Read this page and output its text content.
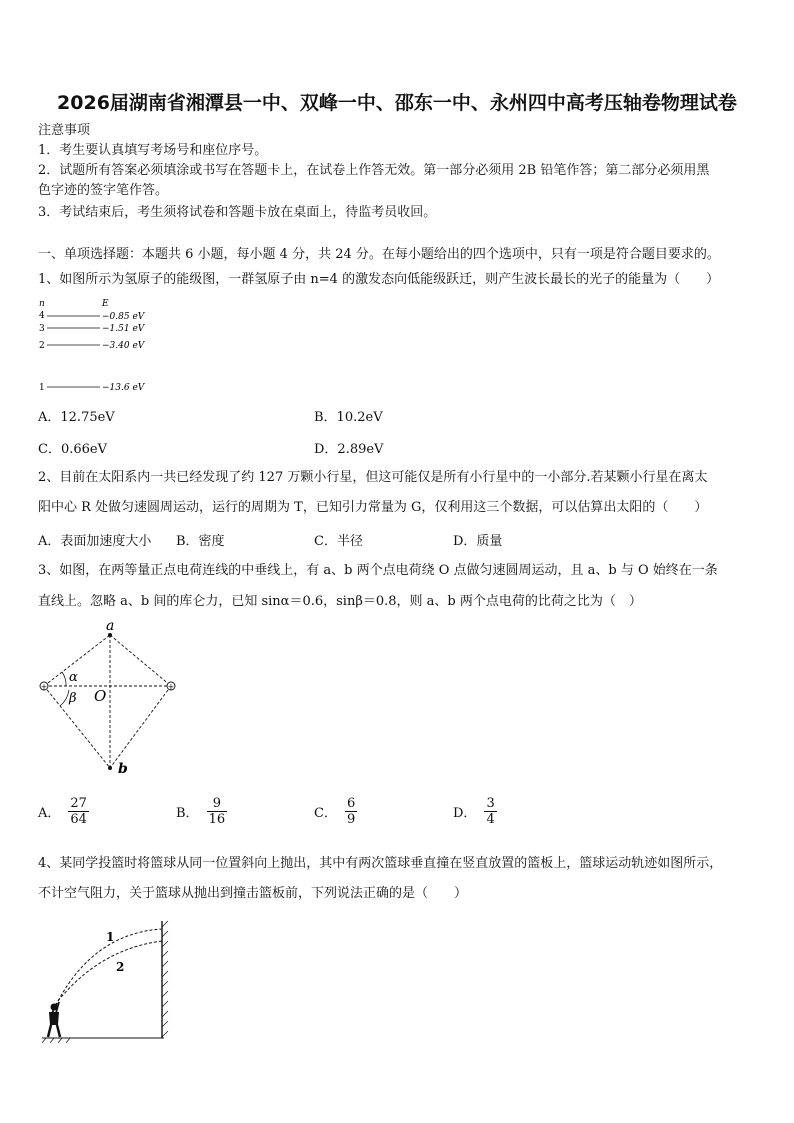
2026届湖南省湘潭县一中、双峰一中、邵东一中、永州四中高考压轴卷物理试卷
注意事项
1．考生要认真填写考场号和座位序号。
2．试题所有答案必须填涂或书写在答题卡上，在试卷上作答无效。第一部分必须用 2B 铅笔作答；第二部分必须用黑
色字迹的签字笔作答。
3．考试结束后，考生须将试卷和答题卡放在桌面上，待监考员收回。
一、单项选择题：本题共 6 小题，每小题 4 分，共 24 分。在每小题给出的四个选项中，只有一项是符合题目要求的。
1、如图所示为氢原子的能级图，一群氢原子由 n=4 的激发态向低能级跃迁，则产生波长最长的光子的能量为（　　）
n	E
4	−0.85 eV
3	−1.51 eV
2	−3.40 eV
1	−13.6 eV
A．12.75eV	B．10.2eV
C．0.66eV	D．2.89eV
2、目前在太阳系内一共已经发现了约 127 万颗小行星，但这可能仅是所有小行星中的一小部分.若某颗小行星在离太
阳中心 R 处做匀速圆周运动，运行的周期为 T，已知引力常量为 G，仅利用这三个数据，可以估算出太阳的（　　）
A．表面加速度大小 B．密度	C．半径	D．质量
3、如图，在两等量正点电荷连线的中垂线上，有 a、b 两个点电荷绕 O 点做匀速圆周运动，且 a、b 与 O 始终在一条
直线上。忽略 a、b 间的库仑力，已知 sinα＝0.6，sinβ＝0.8，则 a、b 两个点电荷的比荷之比为（　）
+	+
a
b
O
α
β
A． $\frac{27}{64}$	B． $\frac{9}{16}$	C． $\frac{6}{9}$	D． $\frac{3}{4}$
4、某同学投篮时将篮球从同一位置斜向上抛出，其中有两次篮球垂直撞在竖直放置的篮板上，篮球运动轨迹如图所示，
不计空气阻力，关于篮球从抛出到撞击篮板前，下列说法正确的是（　　）
1
2
